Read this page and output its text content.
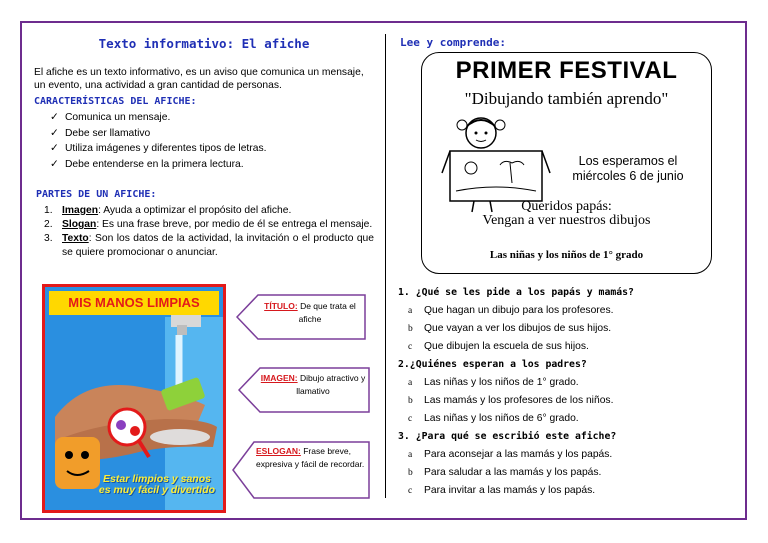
Texto informativo: El afiche
El afiche es un texto informativo, es un aviso que comunica un mensaje, un evento, una actividad a gran cantidad de personas.
CARACTERÍSTICAS DEL AFICHE:
✓ Comunica un mensaje.
✓ Debe ser llamativo
✓ Utiliza imágenes y diferentes tipos de letras.
✓ Debe entenderse en la primera lectura.
PARTES DE UN AFICHE:
1. Imagen: Ayuda a optimizar el propósito del afiche.
2. Slogan: Es una frase breve, por medio de él se entrega el mensaje.
3. Texto: Son los datos de la actividad, la invitación o el producto que se quiere promocionar o anunciar.
MIS MANOS LIMPIAS
Estar limpios y sanos es muy fácil y divertido
TÍTULO: De que trata el afiche
IMAGEN: Dibujo atractivo y llamativo
ESLOGAN: Frase breve, expresiva y fácil de recordar.
Lee y comprende:
PRIMER FESTIVAL
"Dibujando también aprendo"
Los esperamos el miércoles 6 de junio
Queridos papás:
Vengan a ver nuestros dibujos
Las niñas y los niños de 1° grado
1. ¿Qué se les pide a los papás y mamás?
a Que hagan un dibujo para los profesores.
b Que vayan a ver los dibujos de sus hijos.
c Que dibujen la escuela de sus hijos.
2.¿Quiénes esperan a los padres?
a Las niñas y los niños de 1° grado.
b Las mamás y los profesores de los niños.
c Las niñas y los niños de 6° grado.
3. ¿Para qué se escribió este afiche?
a Para aconsejar a las mamás y los papás.
b Para saludar a las mamás y los papás.
c Para invitar a las mamás y los papás.
